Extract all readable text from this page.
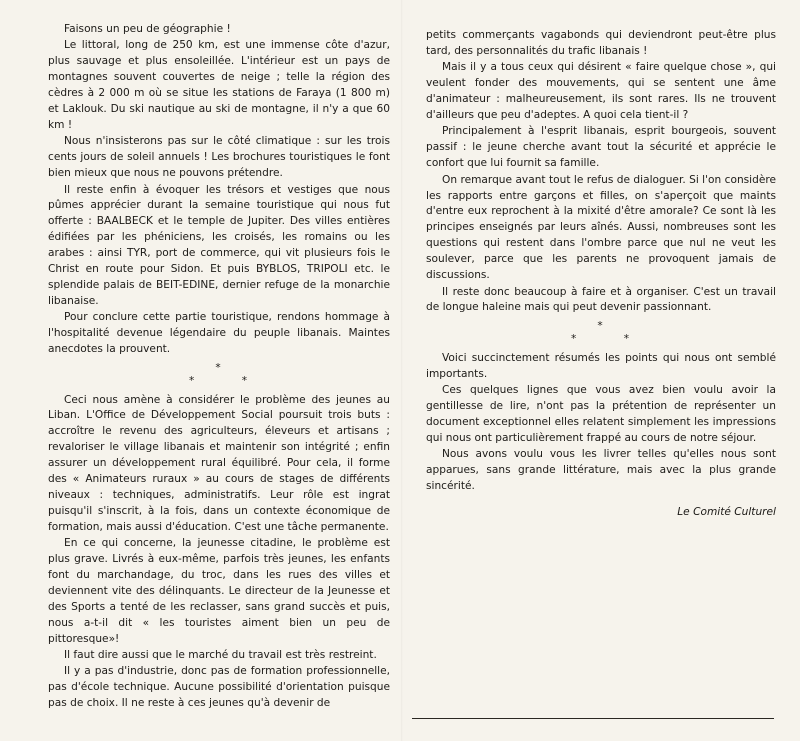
Faisons un peu de géographie !

Le littoral, long de 250 km, est une immense côte d'azur, plus sauvage et plus ensoleillée. L'intérieur est un pays de montagnes souvent couvertes de neige ; telle la région des cèdres à 2 000 m où se situe les stations de Faraya (1 800 m) et Laklouk. Du ski nautique au ski de montagne, il n'y a que 60 km !

Nous n'insisterons pas sur le côté climatique : sur les trois cents jours de soleil annuels ! Les brochures touristiques le font bien mieux que nous ne pouvons prétendre.

Il reste enfin à évoquer les trésors et vestiges que nous pûmes apprécier durant la semaine touristique qui nous fut offerte : BAALBECK et le temple de Jupiter. Des villes entières édifiées par les phéniciens, les croisés, les romains ou les arabes : ainsi TYR, port de commerce, qui vit plusieurs fois le Christ en route pour Sidon. Et puis BYBLOS, TRIPOLI etc. le splendide palais de BEIT-EDINE, dernier refuge de la monarchie libanaise.

Pour conclure cette partie touristique, rendons hommage à l'hospitalité devenue légendaire du peuple libanais. Maintes anecdotes la prouvent.

*
*	*

Ceci nous amène à considérer le problème des jeunes au Liban. L'Office de Développement Social poursuit trois buts : accroître le revenu des agriculteurs, éleveurs et artisans ; revaloriser le village libanais et maintenir son intégrité ; enfin assurer un développement rural équilibré. Pour cela, il forme des « Animateurs ruraux » au cours de stages de différents niveaux : techniques, administratifs. Leur rôle est ingrat puisqu'il s'inscrit, à la fois, dans un contexte économique de formation, mais aussi d'éducation. C'est une tâche permanente.

En ce qui concerne, la jeunesse citadine, le problème est plus grave. Livrés à eux-même, parfois très jeunes, les enfants font du marchandage, du troc, dans les rues des villes et deviennent vite des délinquants. Le directeur de la Jeunesse et des Sports a tenté de les reclasser, sans grand succès et puis, nous a-t-il dit « les touristes aiment bien un peu de pittoresque»!

Il faut dire aussi que le marché du travail est très restreint.

Il y a pas d'industrie, donc pas de formation professionnelle, pas d'école technique. Aucune possibilité d'orientation puisque pas de choix. Il ne reste à ces jeunes qu'à devenir de

petits commerçants vagabonds qui deviendront peut-être plus tard, des personnalités du trafic libanais !

Mais il y a tous ceux qui désirent « faire quelque chose », qui veulent fonder des mouvements, qui se sentent une âme d'animateur : malheureusement, ils sont rares. Ils ne trouvent d'ailleurs que peu d'adeptes. A quoi cela tient-il ?

Principalement à l'esprit libanais, esprit bourgeois, souvent passif : le jeune cherche avant tout la sécurité et apprécie le confort que lui fournit sa famille.

On remarque avant tout le refus de dialoguer. Si l'on considère les rapports entre garçons et filles, on s'aperçoit que maints d'entre eux reprochent à la mixité d'être amorale? Ce sont là les principes enseignés par leurs aînés. Aussi, nombreuses sont les questions qui restent dans l'ombre parce que nul ne veut les soulever, parce que les parents ne provoquent jamais de discussions.

Il reste donc beaucoup à faire et à organiser. C'est un travail de longue haleine mais qui peut devenir passionnant.

*
*	*

Voici succinctement résumés les points qui nous ont semblé importants.

Ces quelques lignes que vous avez bien voulu avoir la gentillesse de lire, n'ont pas la prétention de représenter un document exceptionnel elles relatent simplement les impressions qui nous ont particulièrement frappé au cours de notre séjour.

Nous avons voulu vous les livrer telles qu'elles nous sont apparues, sans grande littérature, mais avec la plus grande sincérité.

Le Comité Culturel
